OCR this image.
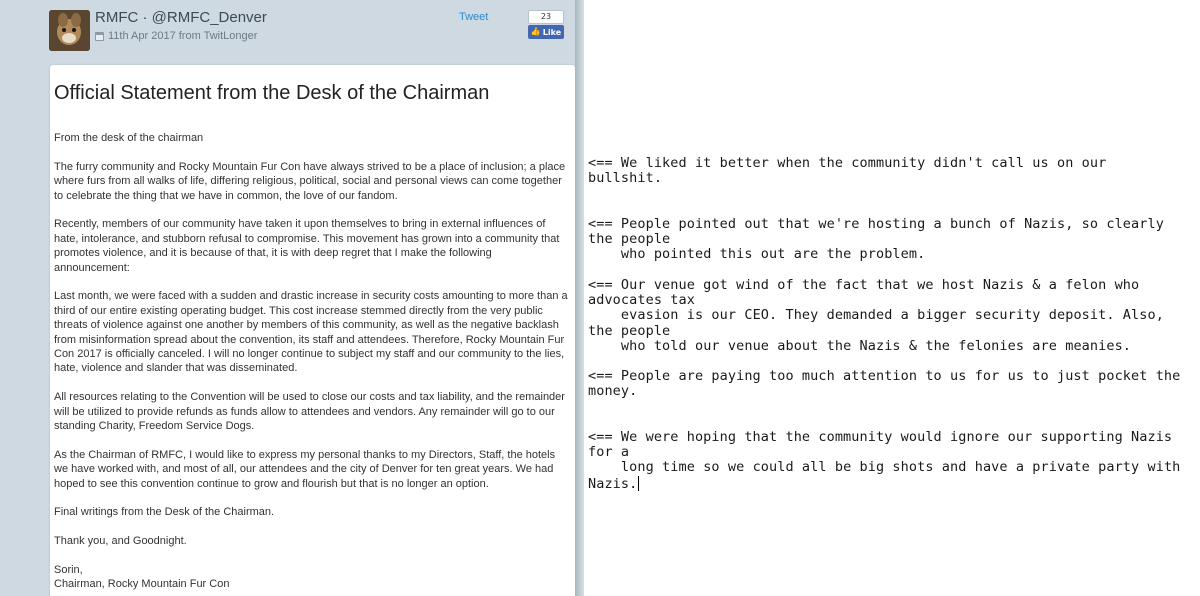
RMFC · @RMFC_Denver
11th Apr 2017 from TwitLonger
Tweet	23
👍 Like
Official Statement from the Desk of the Chairman

From the desk of the chairman

The furry community and Rocky Mountain Fur Con have always strived to be a place of inclusion; a place where furs from all walks of life, differing religious, political, social and personal views can come together to celebrate the thing that we have in common, the love of our fandom.

Recently, members of our community have taken it upon themselves to bring in external influences of hate, intolerance, and stubborn refusal to compromise. This movement has grown into a community that promotes violence, and it is because of that, it is with deep regret that I make the following announcement:

Last month, we were faced with a sudden and drastic increase in security costs amounting to more than a third of our entire existing operating budget. This cost increase stemmed directly from the very public threats of violence against one another by members of this community, as well as the negative backlash from misinformation spread about the convention, its staff and attendees. Therefore, Rocky Mountain Fur Con 2017 is officially canceled. I will no longer continue to subject my staff and our community to the lies, hate, violence and slander that was disseminated.

All resources relating to the Convention will be used to close our costs and tax liability, and the remainder will be utilized to provide refunds as funds allow to attendees and vendors. Any remainder will go to our standing Charity, Freedom Service Dogs.

As the Chairman of RMFC, I would like to express my personal thanks to my Directors, Staff, the hotels we have worked with, and most of all, our attendees and the city of Denver for ten great years. We had hoped to see this convention continue to grow and flourish but that is no longer an option.

Final writings from the Desk of the Chairman.

Thank you, and Goodnight.

Sorin,

Chairman, Rocky Mountain Fur Con

<== We liked it better when the community didn't call us on our bullshit.
<== People pointed out that we're hosting a bunch of Nazis, so clearly the people
who pointed this out are the problem.
<== Our venue got wind of the fact that we host Nazis & a felon who advocates tax
evasion is our CEO. They demanded a bigger security deposit. Also, the people
who told our venue about the Nazis & the felonies are meanies.
<== People are paying too much attention to us for us to just pocket the money.
<== We were hoping that the community would ignore our supporting Nazis for a
long time so we could all be big shots and have a private party with Nazis.
